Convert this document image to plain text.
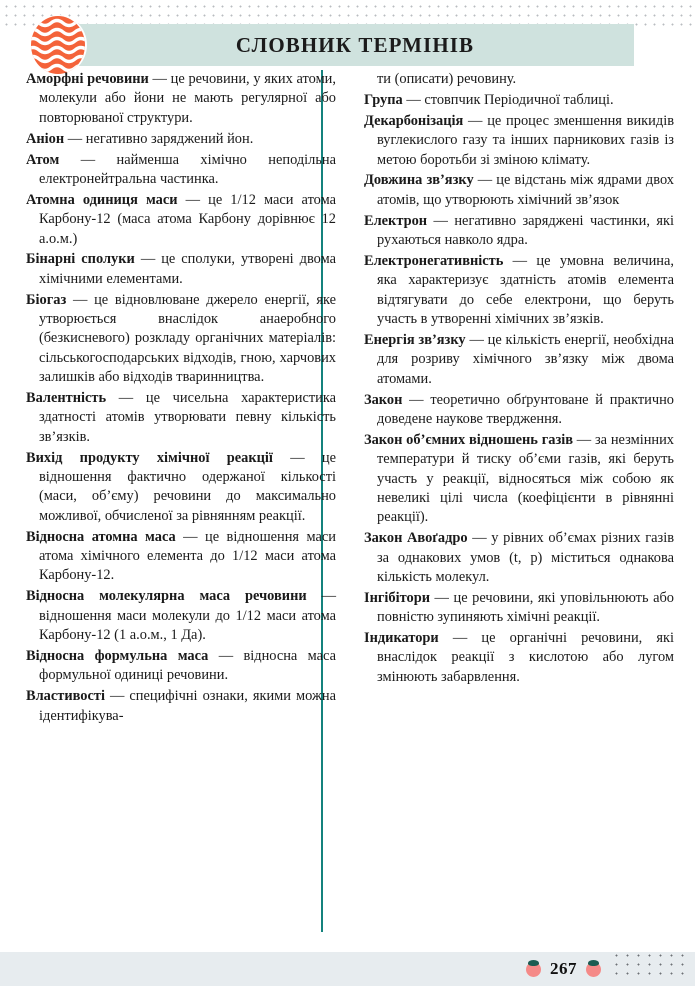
СЛОВНИК ТЕРМІНІВ

Аморфні речовини — це речовини, у яких атоми, молекули або йони не мають регулярної або повторюваної структури.

Аніон — негативно заряджений йон.

Атом — найменша хімічно неподільна електронейтральна частинка.

Атомна одиниця маси — це 1/12 маси атома Карбону-12 (маса атома Карбону дорівнює 12 а.о.м.)

Бінарні сполуки — це сполуки, утворені двома хімічними елементами.

Біогаз — це відновлюване джерело енергії, яке утворюється внаслідок анаеробного (безкисневого) розкладу органічних матеріалів: сільськогосподарських відходів, гною, харчових залишків або відходів тваринництва.

Валентність — це чисельна характеристика здатності атомів утворювати певну кількість зв’язків.

Вихід продукту хімічної реакції — це відношення фактично одержаної кількості (маси, об’єму) речовини до максимально можливої, обчисленої за рівнянням реакції.

Відносна атомна маса — це відношення маси атома хімічного елемента до 1/12 маси атома Карбону-12.

Відносна молекулярна маса речовини — відношення маси молекули до 1/12 маси атома Карбону-12 (1 а.о.м., 1 Да).

Відносна формульна маса — відносна маса формульної одиниці речовини.

Властивості — специфічні ознаки, якими можна ідентифікува-

ти (описати) речовину.

Група — стовпчик Періодичної таблиці.

Декарбонізація — це процес зменшення викидів вуглекислого газу та інших парникових газів із метою боротьби зі зміною клімату.

Довжина зв’язку — це відстань між ядрами двох атомів, що утворюють хімічний зв’язок

Електрон — негативно заряджені частинки, які рухаються навколо ядра.

Електронегативність — це умовна величина, яка характеризує здатність атомів елемента відтягувати до себе електрони, що беруть участь в утворенні хімічних зв’язків.

Енергія зв’язку — це кількість енергії, необхідна для розриву хімічного зв’язку між двома атомами.

Закон — теоретично обґрунтоване й практично доведене наукове твердження.

Закон об’ємних відношень газів — за незмінних температури й тиску об’єми газів, які беруть участь у реакції, відносяться між собою як невеликі цілі числа (коефіцієнти в рівнянні реакції).

Закон Авоґадро — у рівних об’ємах різних газів за однакових умов (t, p) міститься однакова кількість молекул.

Інгібітори — це речовини, які уповільнюють або повністю зупиняють хімічні реакції.

Індикатори — це органічні речовини, які внаслідок реакції з кислотою або лугом змінюють забарвлення.

267
